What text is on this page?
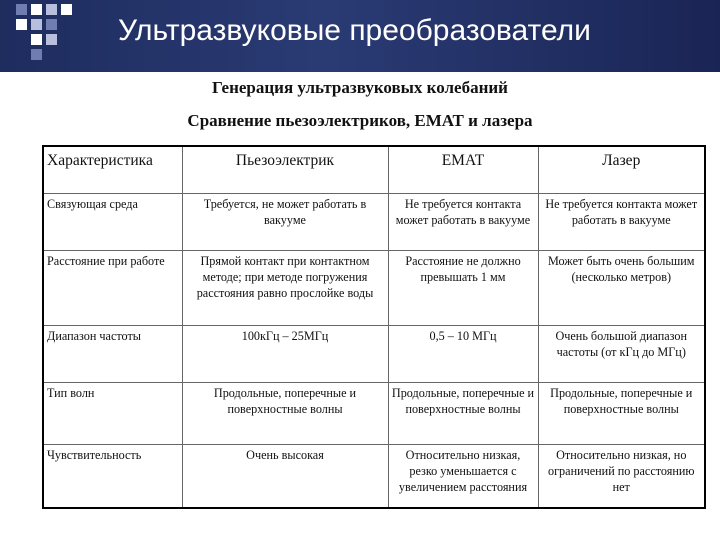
Ультразвуковые преобразователи
Генерация ультразвуковых колебаний
Сравнение пьезоэлектриков, ЕМАТ и лазера
Характеристика	Пьезоэлектрик	ЕМАТ	Лазер
Связующая среда	Требуется, не может работать в вакууме	Не требуется контакта может работать в вакууме	Не требуется контакта может работать в вакууме
Расстояние при работе	Прямой контакт при контактном методе; при методе погружения расстояния равно прослойке воды	Расстояние не должно превышать 1 мм	Может быть очень большим (несколько метров)
Диапазон частоты	100кГц – 25МГц	0,5 – 10 МГц	Очень большой диапазон частоты (от кГц до МГц)
Тип волн	Продольные, поперечные и поверхностные волны	Продольные, поперечные и поверхностные волны	Продольные, поперечные и поверхностные волны
Чувствительность	Очень высокая	Относительно низкая, резко уменьшается с увеличением расстояния	Относительно низкая, но ограничений по расстоянию нет
